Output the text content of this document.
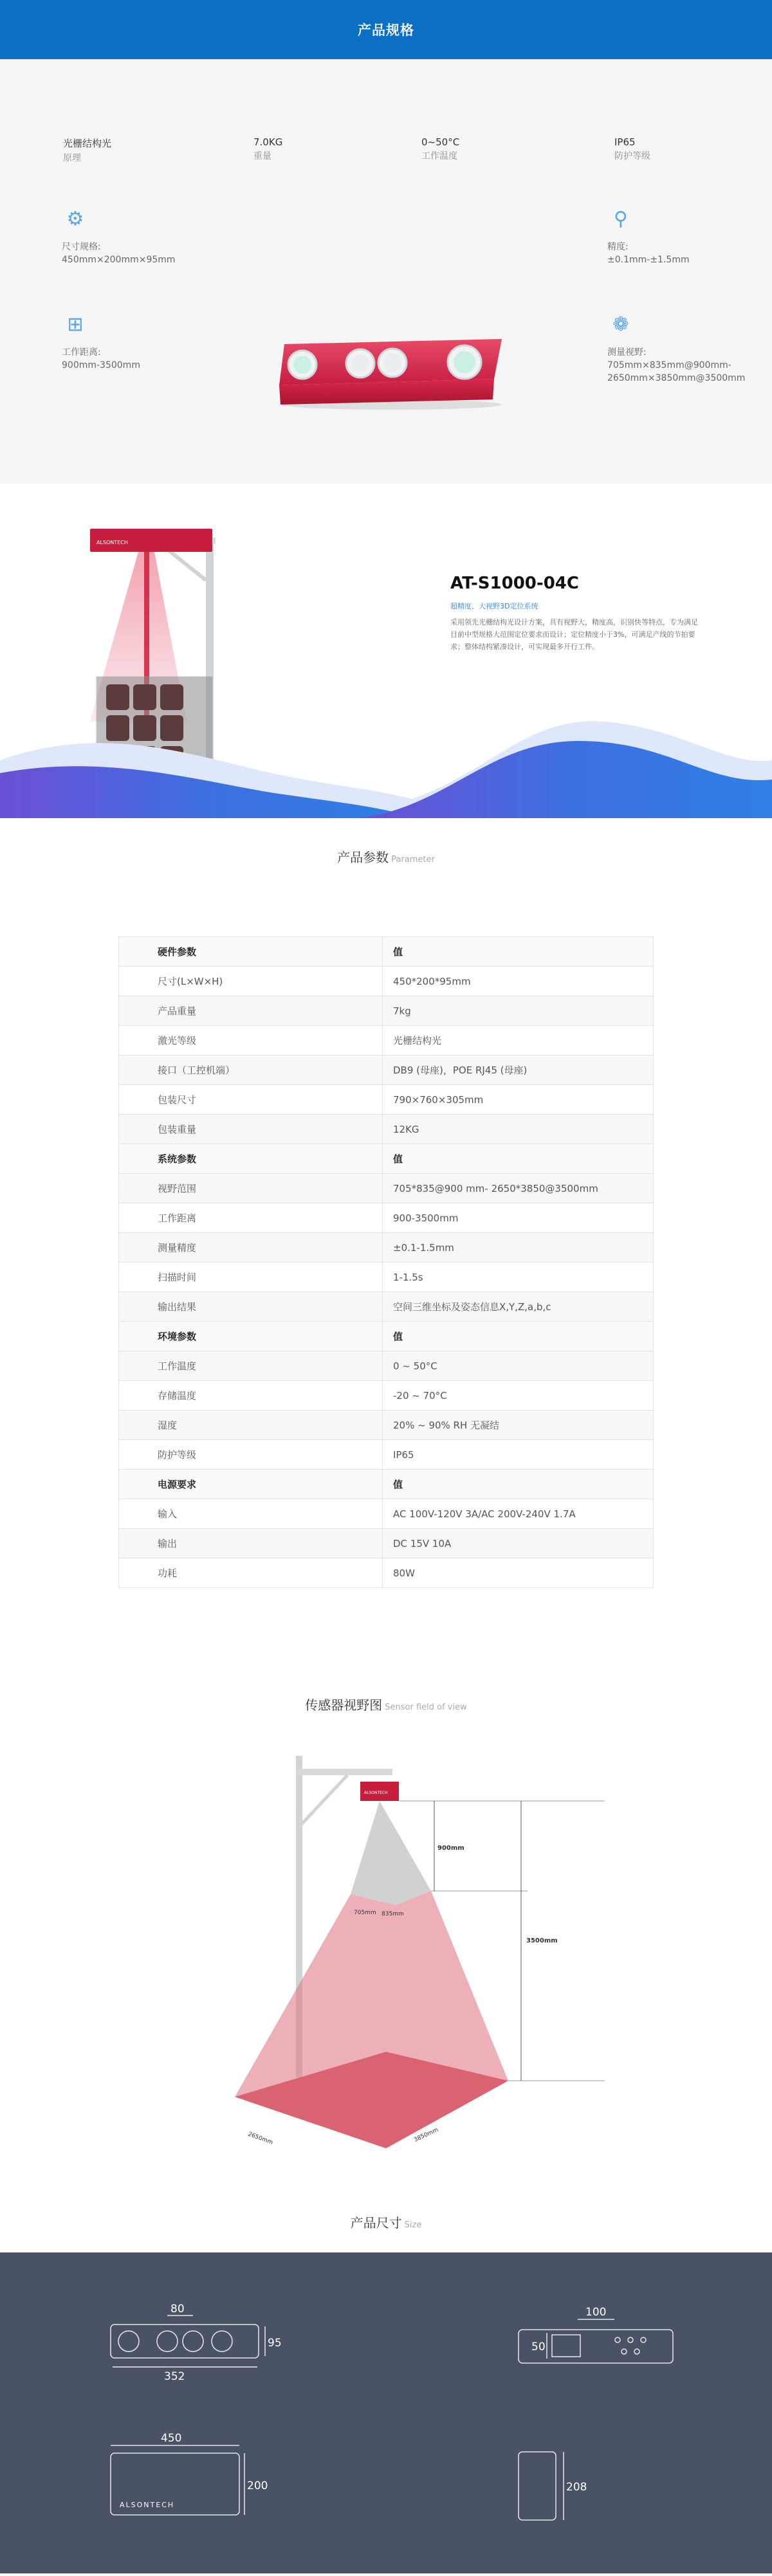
产品规格
光栅结构光
原理
7.0KG
重量
0~50°C
工作温度
IP65
防护等级
⚙
尺寸规格:
450mm×200mm×95mm
⊞
工作距离:
900mm-3500mm
⚲
精度:
±0.1mm-±1.5mm
❁
测量视野:
705mm×835mm@900mm-2650mm×3850mm@3500mm
ALSONTECH
AT-S1000-04C
超精度、大视野3D定位系统
采用领先光栅结构光设计方案，具有视野大，精度高，识别快等特点，专为满足目前中型规格大范围定位要求而设计；定位精度小于3%，可满足产线的节拍要求；整体结构紧凑设计，可实现最多开行工件。
产品参数 Parameter
硬件参数	值
尺寸(L×W×H)	450*200*95mm
产品重量	7kg
激光等级	光栅结构光
接口（工控机端）	DB9 (母座)，POE RJ45 (母座)
包装尺寸	790×760×305mm
包装重量	12KG
系统参数	值
视野范围	705*835@900 mm- 2650*3850@3500mm
工作距离	900-3500mm
测量精度	±0.1-1.5mm
扫描时间	1-1.5s
输出结果	空间三维坐标及姿态信息X,Y,Z,a,b,c
环境参数	值
工作温度	0 ~ 50°C
存储温度	-20 ~ 70°C
湿度	20% ~ 90% RH 无凝结
防护等级	IP65
电源要求	值
输入	AC 100V-120V 3A/AC 200V-240V 1.7A
输出	DC 15V 10A
功耗	80W
传感器视野图 Sensor field of view
ALSONTECH
900mm
3500mm
705mm 835mm
2650mm	3850mm
产品尺寸 Size
80
352
95
100
50
450
200	208
ALSONTECH
